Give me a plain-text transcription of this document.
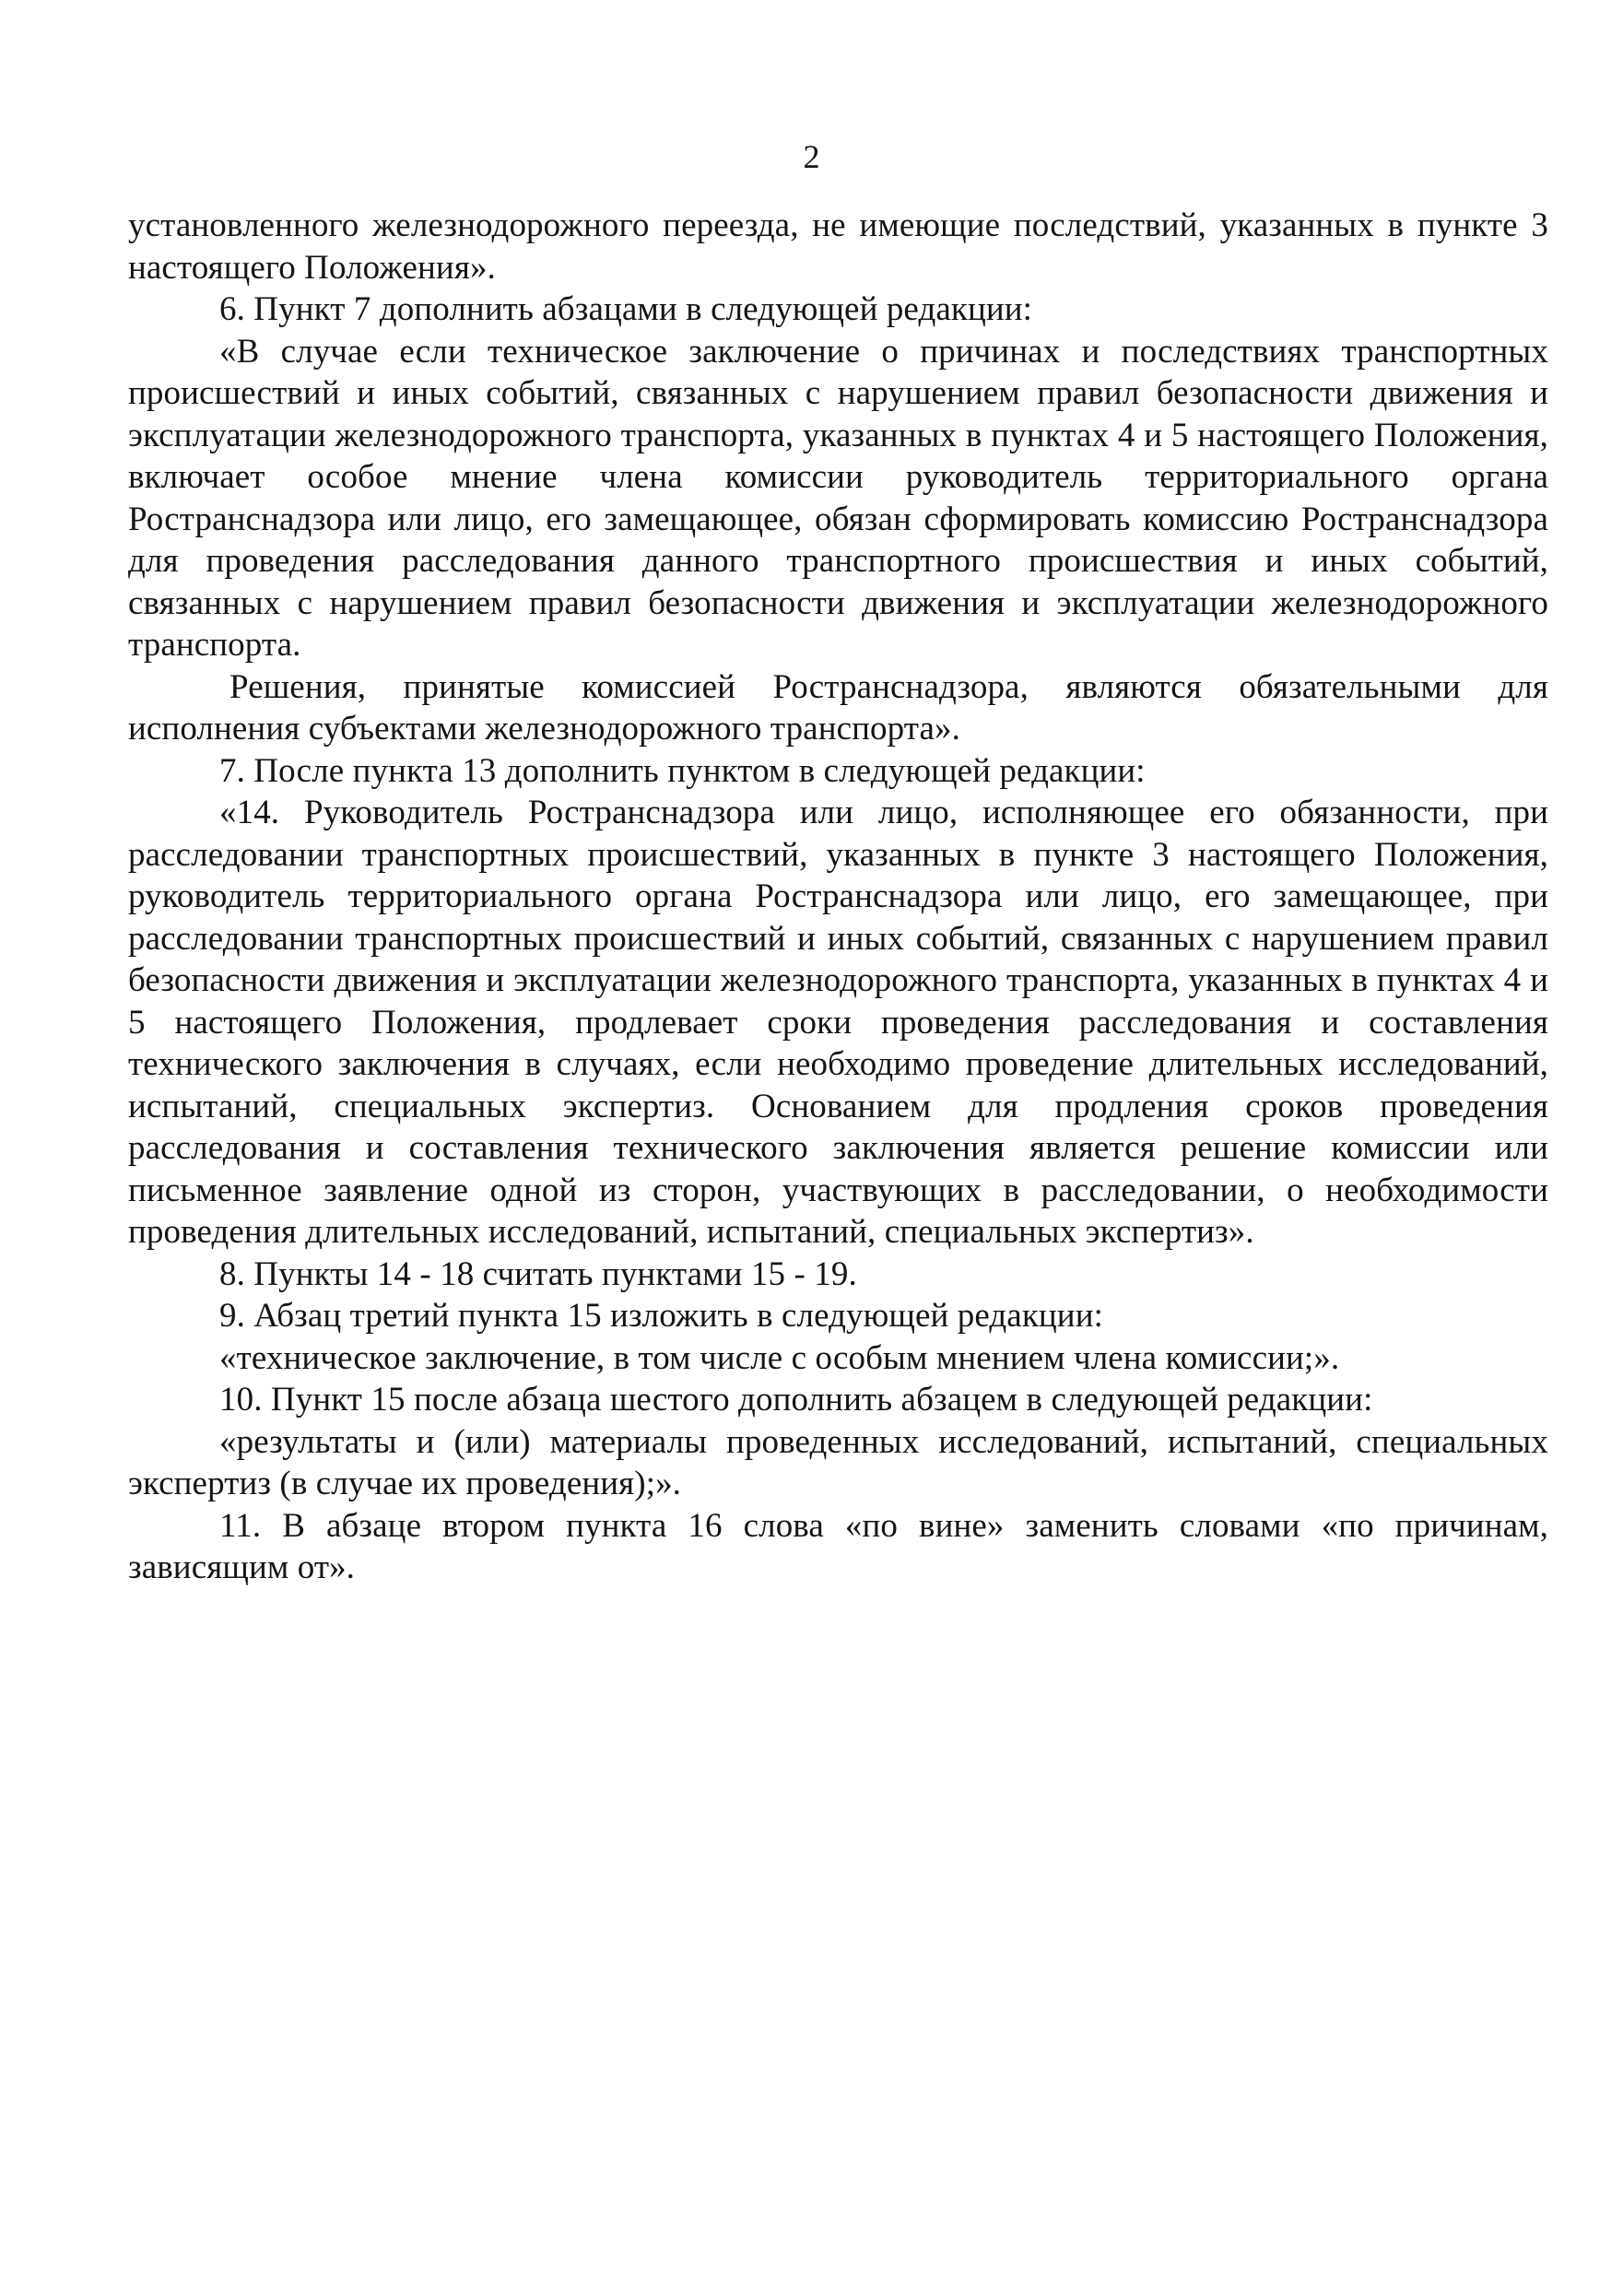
2

установленного железнодорожного переезда, не имеющие последствий, указанных в пункте 3 настоящего Положения».

6. Пункт 7 дополнить абзацами в следующей редакции:

«В случае если техническое заключение о причинах и последствиях транспортных происшествий и иных событий, связанных с нарушением правил безопасности движения и эксплуатации железнодорожного транспорта, указанных в пунктах 4 и 5 настоящего Положения, включает особое мнение члена комиссии руководитель территориального органа Ространснадзора или лицо, его замещающее, обязан сформировать комиссию Ространснадзора для проведения расследования данного транспортного происшествия и иных событий, связанных с нарушением правил безопасности движения и эксплуатации железнодорожного транспорта.

Решения, принятые комиссией Ространснадзора, являются обязательными для исполнения субъектами железнодорожного транспорта».

7. После пункта 13 дополнить пунктом в следующей редакции:

«14. Руководитель Ространснадзора или лицо, исполняющее его обязанности, при расследовании транспортных происшествий, указанных в пункте 3 настоящего Положения, руководитель территориального органа Ространснадзора или лицо, его замещающее, при расследовании транспортных происшествий и иных событий, связанных с нарушением правил безопасности движения и эксплуатации железнодорожного транспорта, указанных в пунктах 4 и 5 настоящего Положения, продлевает сроки проведения расследования и составления технического заключения в случаях, если необходимо проведение длительных исследований, испытаний, специальных экспертиз. Основанием для продления сроков проведения расследования и составления технического заключения является решение комиссии или письменное заявление одной из сторон, участвующих в расследовании, о необходимости проведения длительных исследований, испытаний, специальных экспертиз».

8. Пункты 14 - 18 считать пунктами 15 - 19.

9. Абзац третий пункта 15 изложить в следующей редакции:

«техническое заключение, в том числе с особым мнением члена комиссии;».

10. Пункт 15 после абзаца шестого дополнить абзацем в следующей редакции:

«результаты и (или) материалы проведенных исследований, испытаний, специальных экспертиз (в случае их проведения);».

11. В абзаце втором пункта 16 слова «по вине» заменить словами «по причинам, зависящим от».
